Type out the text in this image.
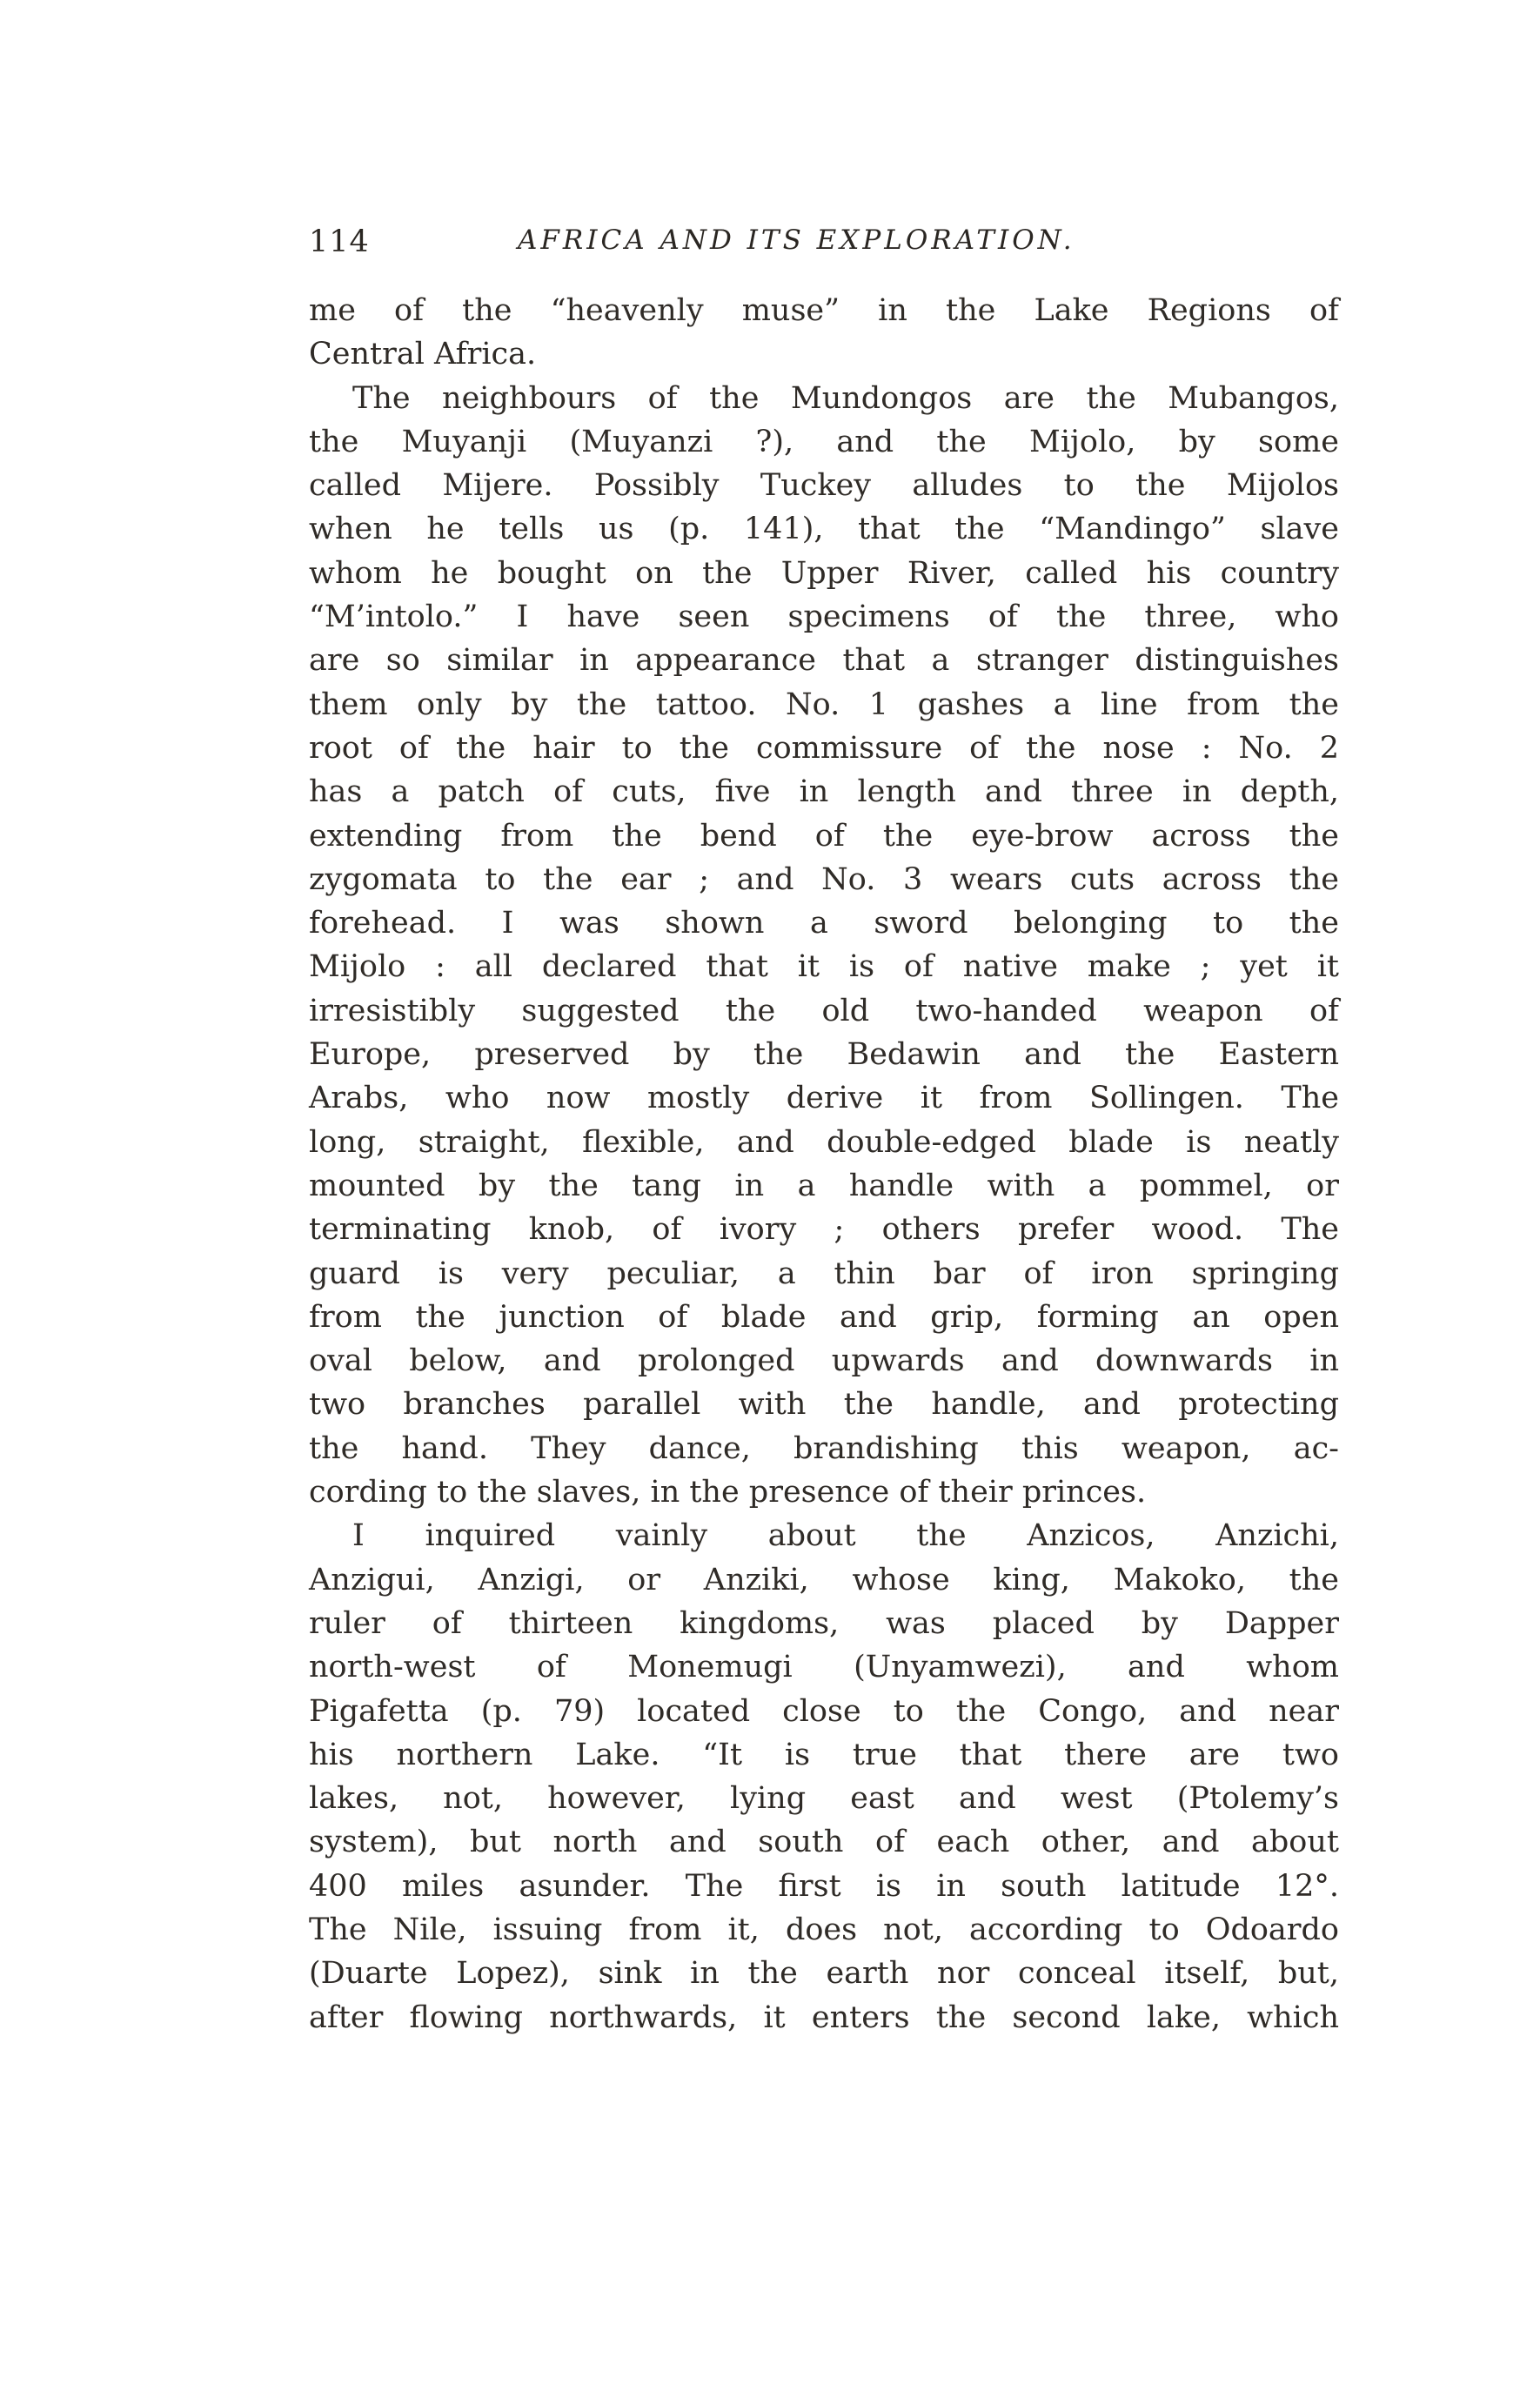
114	AFRICA AND ITS EXPLORATION.
me of the “heavenly muse” in the Lake Regions of
Central Africa.
The neighbours of the Mundongos are the Mubangos,
the Muyanji (Muyanzi ?), and the Mijolo, by some
called Mijere. Possibly Tuckey alludes to the Mijolos
when he tells us (p. 141), that the “Mandingo” slave
whom he bought on the Upper River, called his country
“M’intolo.” I have seen specimens of the three, who
are so similar in appearance that a stranger distinguishes
them only by the tattoo. No. 1 gashes a line from the
root of the hair to the commissure of the nose : No. 2
has a patch of cuts, five in length and three in depth,
extending from the bend of the eye-brow across the
zygomata to the ear ; and No. 3 wears cuts across the
forehead. I was shown a sword belonging to the
Mijolo : all declared that it is of native make ; yet it
irresistibly suggested the old two-handed weapon of
Europe, preserved by the Bedawin and the Eastern
Arabs, who now mostly derive it from Sollingen. The
long, straight, flexible, and double-edged blade is neatly
mounted by the tang in a handle with a pommel, or
terminating knob, of ivory ; others prefer wood. The
guard is very peculiar, a thin bar of iron springing
from the junction of blade and grip, forming an open
oval below, and prolonged upwards and downwards in
two branches parallel with the handle, and protecting
the hand. They dance, brandishing this weapon, ac-
cording to the slaves, in the presence of their princes.
I inquired vainly about the Anzicos, Anzichi,
Anzigui, Anzigi, or Anziki, whose king, Makoko, the
ruler of thirteen kingdoms, was placed by Dapper
north-west of Monemugi (Unyamwezi), and whom
Pigafetta (p. 79) located close to the Congo, and near
his northern Lake. “It is true that there are two
lakes, not, however, lying east and west (Ptolemy’s
system), but north and south of each other, and about
400 miles asunder. The first is in south latitude 12°.
The Nile, issuing from it, does not, according to Odoardo
(Duarte Lopez), sink in the earth nor conceal itself, but,
after flowing northwards, it enters the second lake, which
